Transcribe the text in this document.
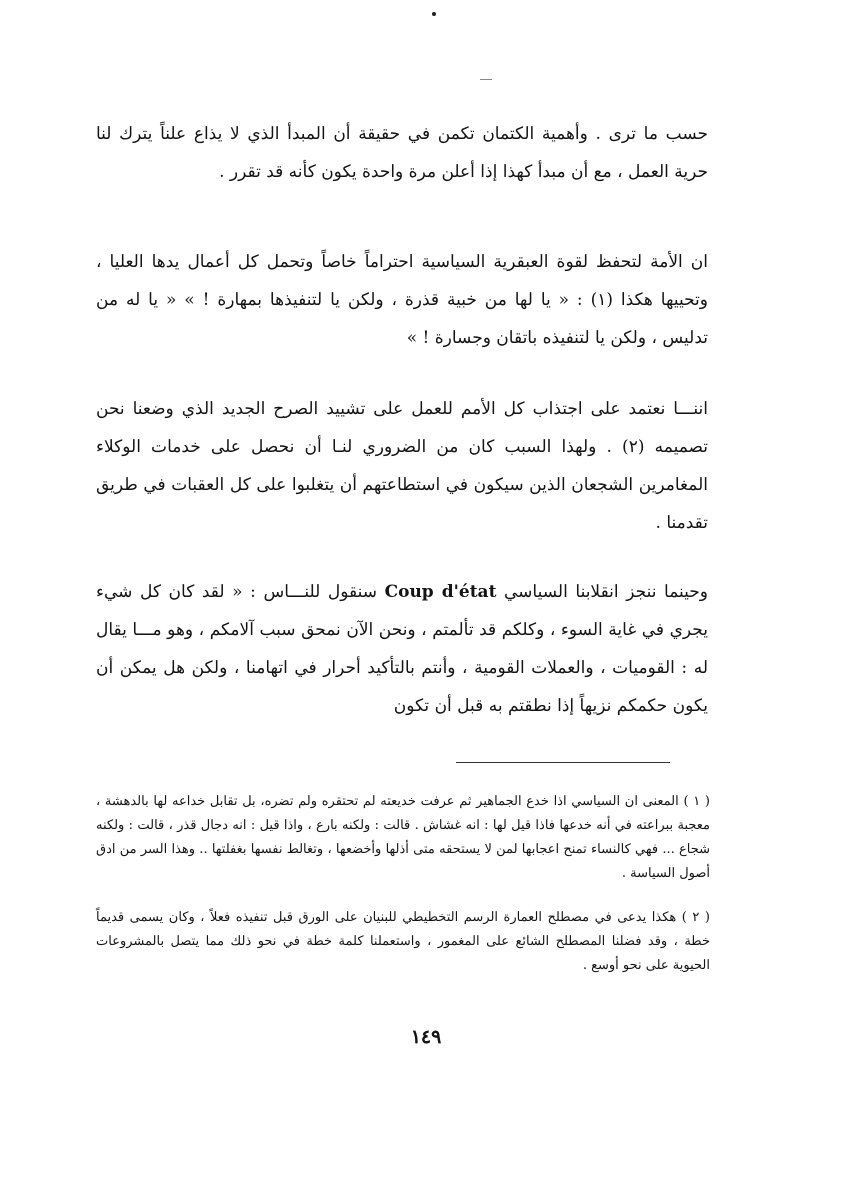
حسب ما ترى . وأهمية الكتمان تكمن في حقيقة أن المبدأ الذي لا يذاع علناً يترك لنا حرية العمل ، مع أن مبدأ كهذا إذا أعلن مرة واحدة يكون كأنه قد تقرر .
ان الأمة لتحفظ لقوة العبقرية السياسية احتراماً خاصاً وتحمل كل أعمال يدها العليا ، وتحييها هكذا (١) : « يا لها من خبية قذرة ، ولكن يا لتنفيذها بمهارة ! » « يا له من تدليس ، ولكن يا لتنفيذه باتقان وجسارة ! »
اننـــا نعتمد على اجتذاب كل الأمم للعمل على تشييد الصرح الجديد الذي وضعنا نحن تصميمه (٢) . ولهذا السبب كان من الضروري لنـا أن نحصل على خدمات الوكلاء المغامرين الشجعان الذين سيكون في استطاعتهم أن يتغلبوا على كل العقبات في طريق تقدمنا .
وحينما ننجز انقلابنا السياسي Coup d'état سنقول للنـــاس : « لقد كان كل شيء يجري في غاية السوء ، وكلكم قد تألمتم ، ونحن الآن نمحق سبب آلامكم ، وهو مـــا يقال له : القوميات ، والعملات القومية ، وأنتم بالتأكيد أحرار في اتهامنا ، ولكن هل يمكن أن يكون حكمكم نزيهاً إذا نطقتم به قبل أن تكون
( ١ ) المعنى ان السياسي اذا خدع الجماهير ثم عرفت خديعته لم تحتقره ولم تضره، بل تقابل خداعه لها بالدهشة ، معجبة ببراعته في أنه خدعها فاذا قيل لها : انه غشاش . قالت : ولكنه بارع ، واذا قيل : انه دجال قذر ، قالت : ولكنه شجاع ... فهي كالنساء تمنح اعجابها لمن لا يستحقه متى أذلها وأخضعها ، وتغالط نفسها بغفلتها .. وهذا السر من ادق أصول السياسة .
( ٢ ) هكذا يدعى في مصطلح العمارة الرسم التخطيطي للبنيان على الورق قبل تنفيذه فعلاً ، وكان يسمى قديماً خطة ، وقد فضلنا المصطلح الشائع على المغمور ، واستعملنا كلمة خطة في نحو ذلك مما يتصل بالمشروعات الحيوية على نحو أوسع .
١٤٩
